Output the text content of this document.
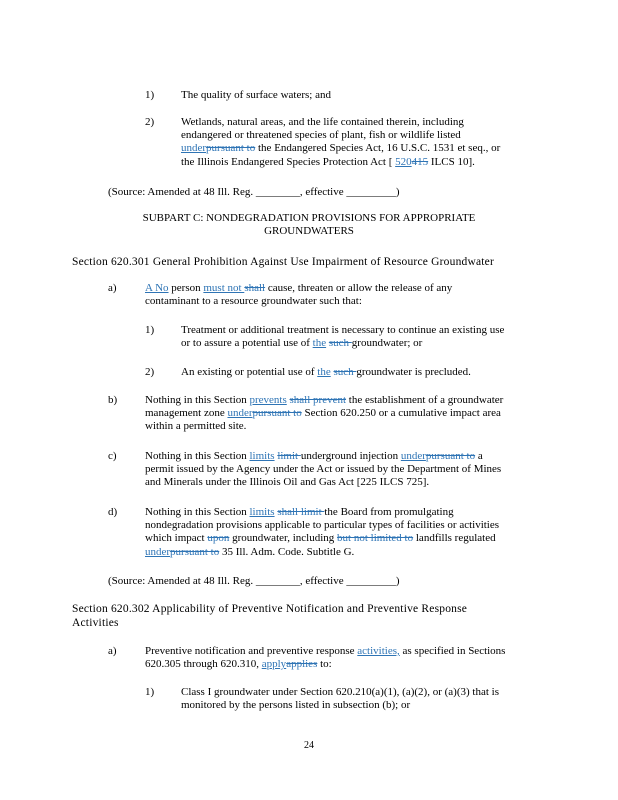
1) The quality of surface waters; and
2) Wetlands, natural areas, and the life contained therein, including
endangered or threatened species of plant, fish or wildlife listed
underpursuant to the Endangered Species Act, 16 U.S.C. 1531 et seq., or
the Illinois Endangered Species Protection Act [ 520415 ILCS 10].
(Source: Amended at 48 Ill. Reg. ________, effective _________)
SUBPART C: NONDEGRADATION PROVISIONS FOR APPROPRIATE
GROUNDWATERS
Section 620.301 General Prohibition Against Use Impairment of Resource Groundwater
a)	A No person must not shall cause, threaten or allow the release of any
contaminant to a resource groundwater such that:
1) Treatment or additional treatment is necessary to continue an existing use
or to assure a potential use of the such groundwater; or
2) An existing or potential use of the such groundwater is precluded.
b)	Nothing in this Section prevents shall prevent the establishment of a groundwater
management zone underpursuant to Section 620.250 or a cumulative impact area
within a permitted site.
c)	Nothing in this Section limits limit underground injection underpursuant to a
permit issued by the Agency under the Act or issued by the Department of Mines
and Minerals under the Illinois Oil and Gas Act [225 ILCS 725].
d)	Nothing in this Section limits shall limit the Board from promulgating
nondegradation provisions applicable to particular types of facilities or activities
which impact upon groundwater, including but not limited to landfills regulated
underpursuant to 35 Ill. Adm. Code. Subtitle G.
(Source: Amended at 48 Ill. Reg. ________, effective _________)
Section 620.302 Applicability of Preventive Notification and Preventive Response
Activities
a)	Preventive notification and preventive response activities, as specified in Sections
620.305 through 620.310, applyapplies to:
1) Class I groundwater under Section 620.210(a)(1), (a)(2), or (a)(3) that is
monitored by the persons listed in subsection (b); or
24
